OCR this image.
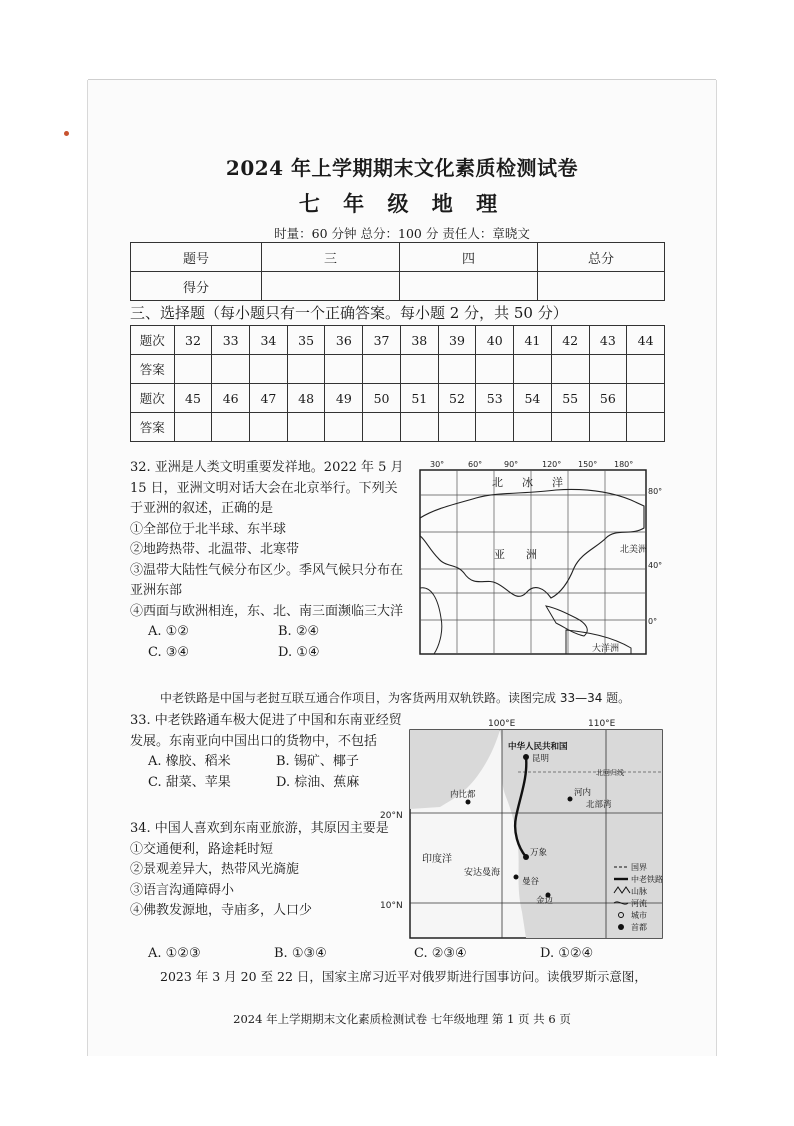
2024 年上学期期末文化素质检测试卷
七 年 级 地 理
时量：60 分钟 总分：100 分 责任人：章晓文
题号	三	四	总分
得分			
三、选择题（每小题只有一个正确答案。每小题 2 分，共 50 分）
题次	32	33	34	35	36	37	38	39	40	41	42	43	44
答案													
题次	45	46	47	48	49	50	51	52	53	54	55	56	
答案													
32. 亚洲是人类文明重要发祥地。2022 年 5 月 15 日，亚洲文明对话大会在北京举行。下列关于亚洲的叙述，正确的是
①全部位于北半球、东半球
②地跨热带、北温带、北寒带
③温带大陆性气候分布区少。季风气候只分布在亚洲东部
④西面与欧洲相连，东、北、南三面濒临三大洋
A. ①②	B. ②④
C. ③④	D. ①④
30°	60°	90°	120° 150° 180°
80°
40°
0°
北 冰 洋
亚 洲	北美洲
大洋洲
中老铁路是中国与老挝互联互通合作项目，为客货两用双轨铁路。读图完成 33—34 题。
33. 中老铁路通车极大促进了中国和东南亚经贸发展。东南亚向中国出口的货物中，不包括
A. 橡胶、稻米	B. 锡矿、椰子
C. 甜菜、苹果	D. 棕油、蕉麻
34. 中国人喜欢到东南亚旅游，其原因主要是
①交通便利，路途耗时短
②景观差异大，热带风光旖旎
③语言沟通障碍小
④佛教发源地，寺庙多，人口少
A. ①②③	B. ①③④	C. ②③④	D. ①②④
100°E	110°E
20°N
10°N
中华人民共和国
昆明
北回归线
内比都	河内
北部湾
万象
印度洋
安达曼海
曼谷
金边
国界
中老铁路
山脉
河流
城市
首都
2023 年 3 月 20 至 22 日，国家主席习近平对俄罗斯进行国事访问。读俄罗斯示意图，
2024 年上学期期末文化素质检测试卷 七年级地理 第 1 页 共 6 页
